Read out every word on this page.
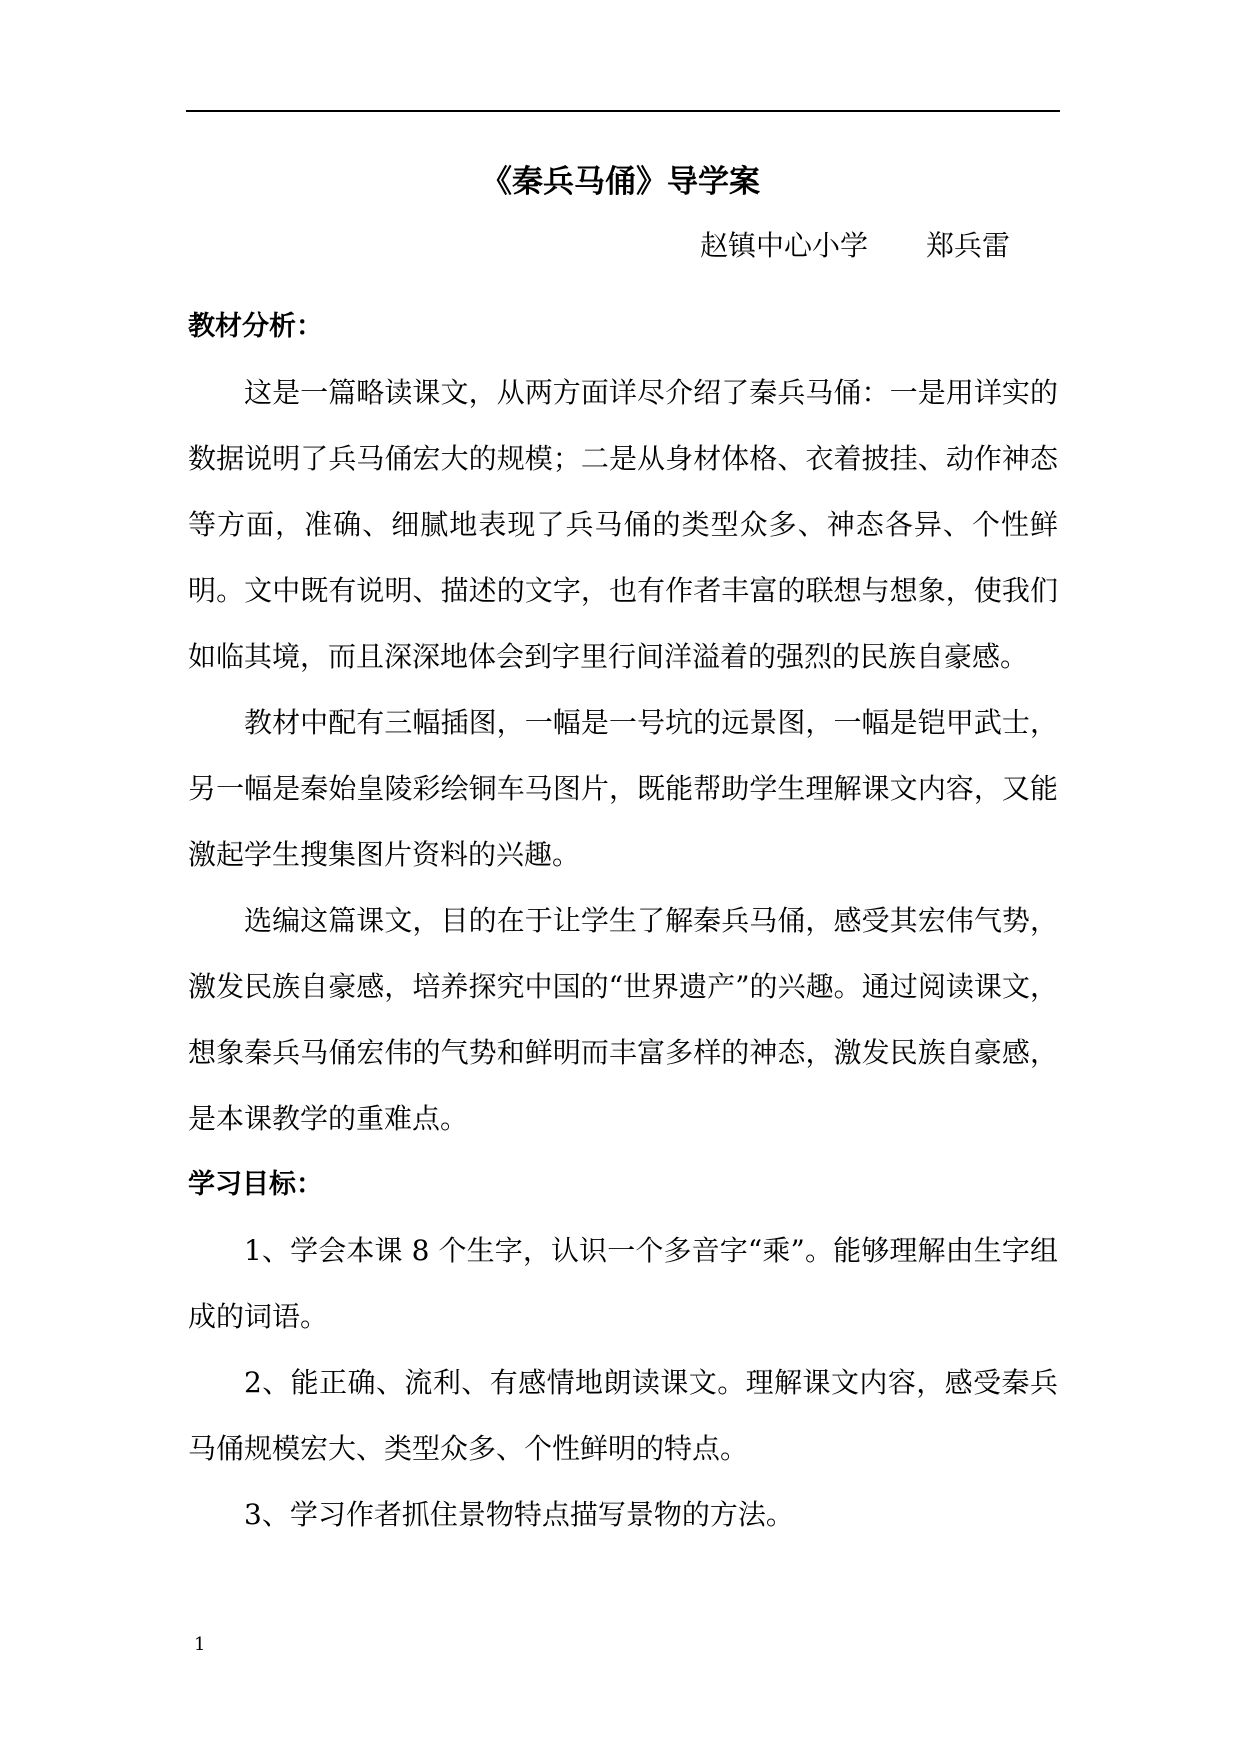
《秦兵马俑》导学案
赵镇中心小学 郑兵雷

教材分析：

这是一篇略读课文，从两方面详尽介绍了秦兵马俑：一是用详实的数据说明了兵马俑宏大的规模；二是从身材体格、衣着披挂、动作神态等方面，准确、细腻地表现了兵马俑的类型众多、神态各异、个性鲜明。文中既有说明、描述的文字，也有作者丰富的联想与想象，使我们如临其境，而且深深地体会到字里行间洋溢着的强烈的民族自豪感。

教材中配有三幅插图，一幅是一号坑的远景图，一幅是铠甲武士，另一幅是秦始皇陵彩绘铜车马图片，既能帮助学生理解课文内容，又能激起学生搜集图片资料的兴趣。

选编这篇课文，目的在于让学生了解秦兵马俑，感受其宏伟气势，激发民族自豪感，培养探究中国的“世界遗产”的兴趣。通过阅读课文，想象秦兵马俑宏伟的气势和鲜明而丰富多样的神态，激发民族自豪感，是本课教学的重难点。

学习目标：

1、学会本课 8 个生字，认识一个多音字“乘”。能够理解由生字组成的词语。

2、能正确、流利、有感情地朗读课文。理解课文内容，感受秦兵马俑规模宏大、类型众多、个性鲜明的特点。

3、学习作者抓住景物特点描写景物的方法。

1
